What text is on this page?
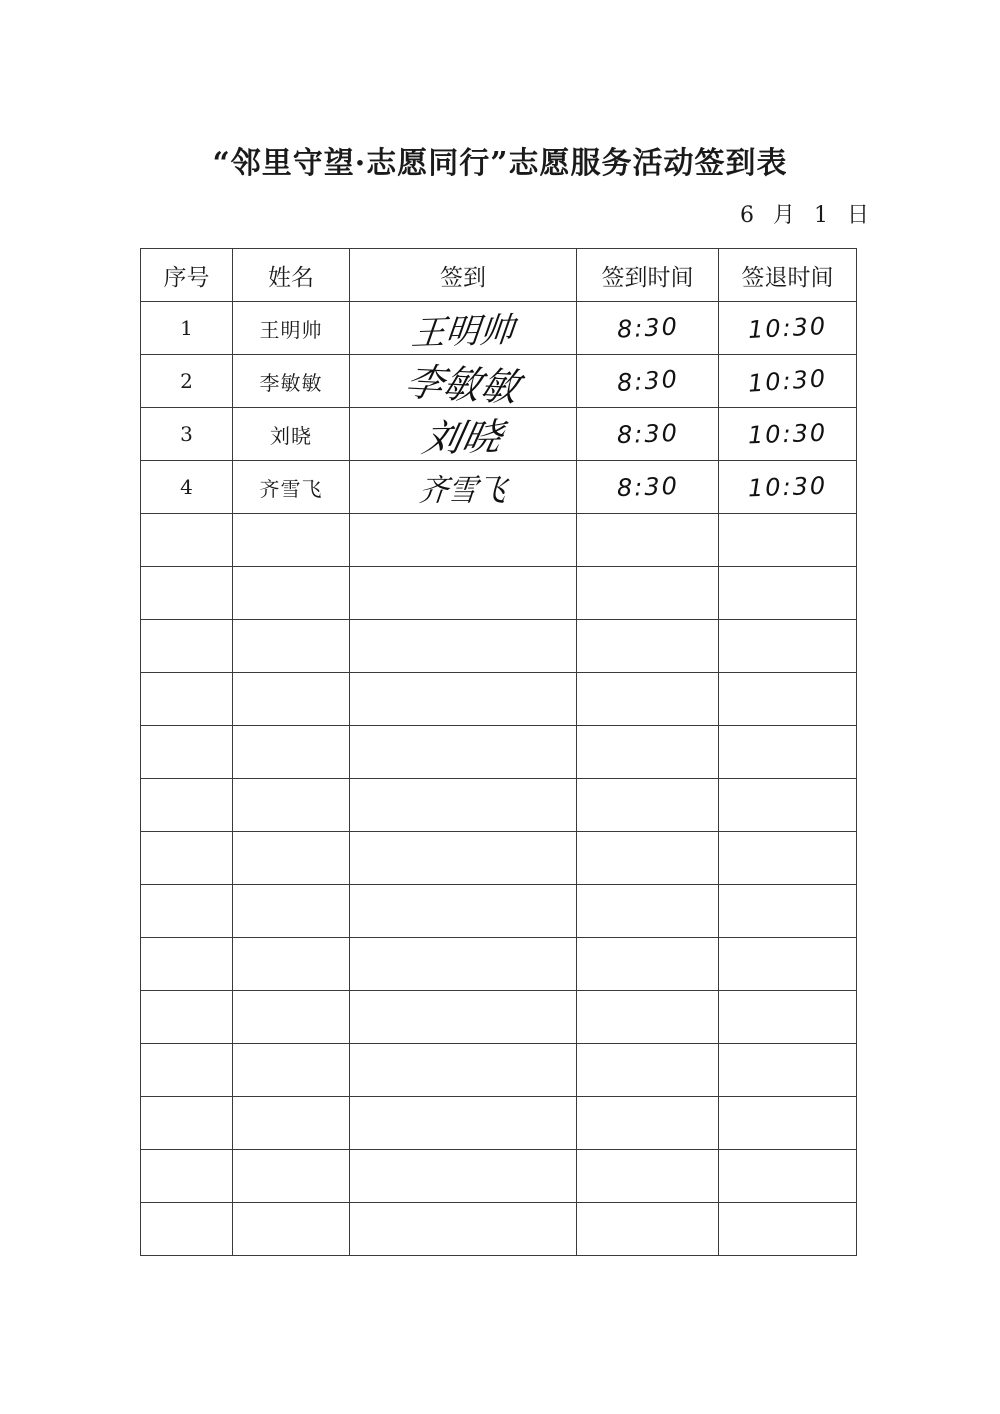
“邻里守望·志愿同行”志愿服务活动签到表
6 月 1 日
序号	姓名	签到	签到时间	签退时间
1	王明帅	王明帅	8:30	10:30
2	李敏敏	李敏敏	8:30	10:30
3	刘晓	刘晓	8:30	10:30
4	齐雪飞	齐雪飞	8:30	10:30
